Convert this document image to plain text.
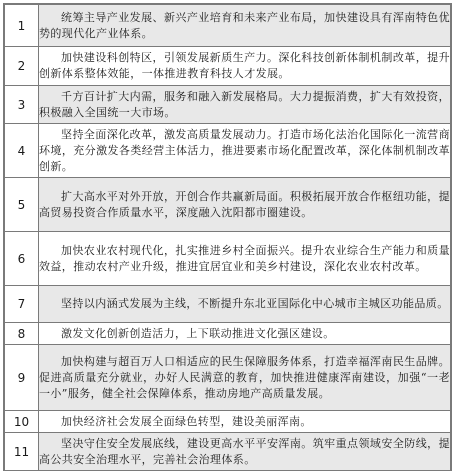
1	统筹主导产业发展、新兴产业培育和未来产业布局，加快建设具有浑南特色优势的现代化产业体系。
2	加快建设科创特区，引领发展新质生产力。深化科技创新体制机制改革，提升创新体系整体效能，一体推进教育科技人才发展。
3	千方百计扩大内需，服务和融入新发展格局。大力提振消费，扩大有效投资，积极融入全国统一大市场。
4	坚持全面深化改革，激发高质量发展动力。打造市场化法治化国际化一流营商环境，充分激发各类经营主体活力，推进要素市场化配置改革，深化体制机制改革创新。
5	扩大高水平对外开放，开创合作共赢新局面。积极拓展开放合作枢纽功能，提高贸易投资合作质量水平，深度融入沈阳都市圈建设。
6	加快农业农村现代化，扎实推进乡村全面振兴。提升农业综合生产能力和质量效益，推动农村产业升级，推进宜居宜业和美乡村建设，深化农业农村改革。
7	坚持以内涵式发展为主线，不断提升东北亚国际化中心城市主城区功能品质。
8	激发文化创新创造活力，上下联动推进文化强区建设。
9	加快构建与超百万人口相适应的民生保障服务体系，打造幸福浑南民生品牌。促进高质量充分就业，办好人民满意的教育，加快推进健康浑南建设，加强“一老一小”服务，健全社会保障体系，推动房地产高质量发展。
10	加快经济社会发展全面绿色转型，建设美丽浑南。
11	坚决守住安全发展底线，建设更高水平平安浑南。筑牢重点领域安全防线，提高公共安全治理水平，完善社会治理体系。
